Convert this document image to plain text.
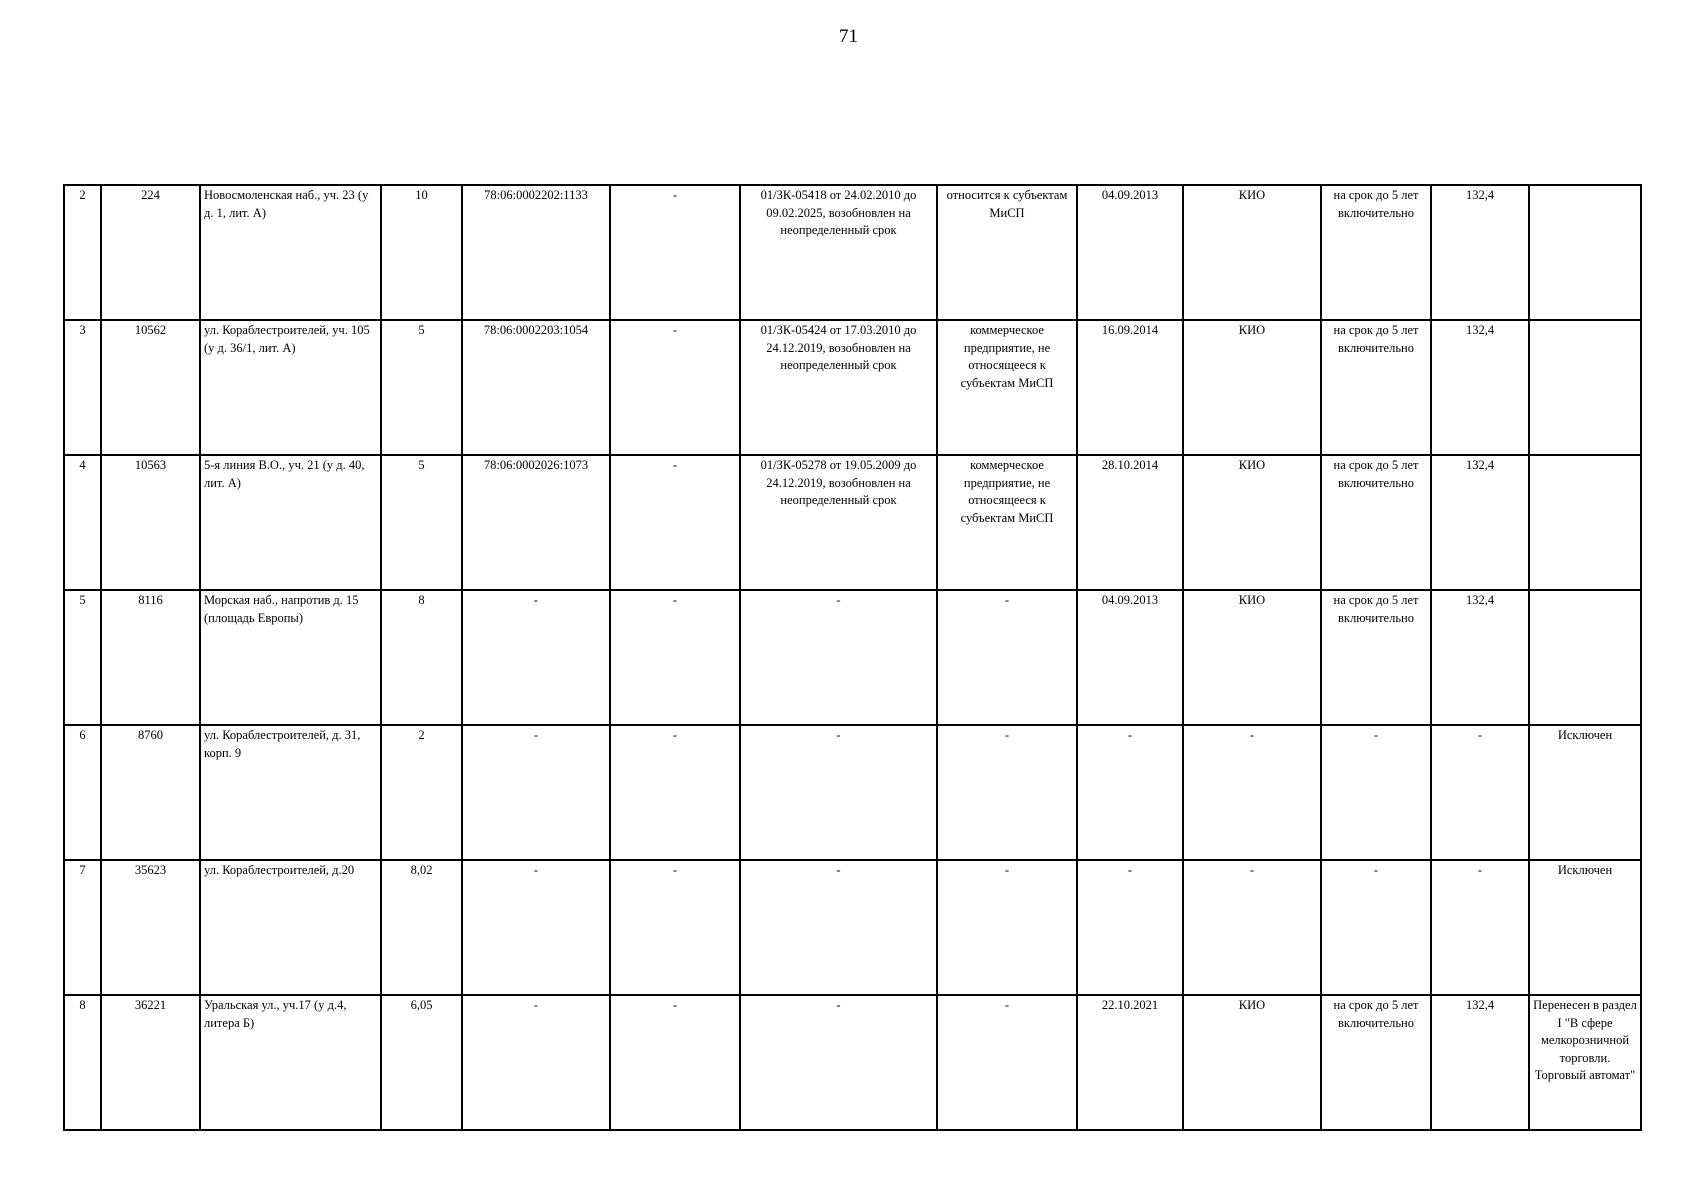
71
2	224	Новосмоленская наб., уч. 23 (у д. 1, лит. А)	10	78:06:0002202:1133	-	01/ЗК-05418 от 24.02.2010 до 09.02.2025, возобновлен на неопределенный срок	относится к субъектам МиСП	04.09.2013	КИО	на срок до 5 лет включительно	132,4	
3	10562	ул. Кораблестроителей, уч. 105 (у д. 36/1, лит. А)	5	78:06:0002203:1054	-	01/ЗК-05424 от 17.03.2010 до 24.12.2019, возобновлен на неопределенный срок	коммерческое предприятие, не относящееся к субъектам МиСП	16.09.2014	КИО	на срок до 5 лет включительно	132,4	
4	10563	5-я линия В.О., уч. 21 (у д. 40, лит. А)	5	78:06:0002026:1073	-	01/ЗК-05278 от 19.05.2009 до 24.12.2019, возобновлен на неопределенный срок	коммерческое предприятие, не относящееся к субъектам МиСП	28.10.2014	КИО	на срок до 5 лет включительно	132,4	
5	8116	Морская наб., напротив д. 15 (площадь Европы)	8	-	-	-	-	04.09.2013	КИО	на срок до 5 лет включительно	132,4	
6	8760	ул. Кораблестроителей, д. 31, корп. 9	2	-	-	-	-	-	-	-	-	Исключен
7	35623	ул. Кораблестроителей, д.20	8,02	-	-	-	-	-	-	-	-	Исключен
8	36221	Уральская ул., уч.17 (у д.4, литера Б)	6,05	-	-	-	-	22.10.2021	КИО	на срок до 5 лет включительно	132,4	Перенесен в раздел I "В сфере мелкорозничной торговли. Торговый автомат"
